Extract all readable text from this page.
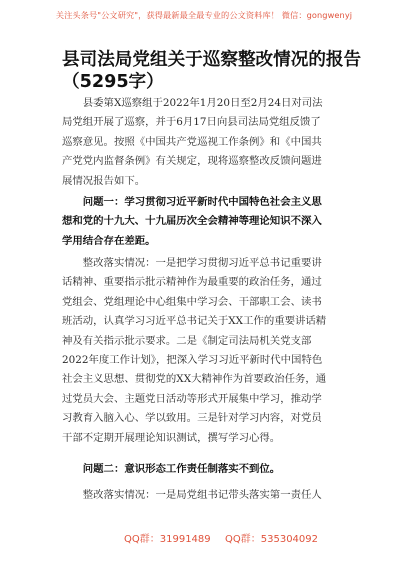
关注头条号"公文研究"，获得最新最全最专业的公文资料库！ 微信：gongwenyj
县司法局党组关于巡察整改情况的报告
（5295字）
　　县委第X巡察组于2022年1月20日至2月24日对司法
局党组开展了巡察，并于6月17日向县司法局党组反馈了
巡察意见。按照《中国共产党巡视工作条例》和《中国共
产党党内监督条例》有关规定，现将巡察整改反馈问题进
展情况报告如下。
　　问题一：学习贯彻习近平新时代中国特色社会主义思
想和党的十九大、十九届历次全会精神等理论知识不深入
学用结合存在差距。
　　整改落实情况：一是把学习贯彻习近平总书记重要讲
话精神、重要指示批示精神作为最重要的政治任务，通过
党组会、党组理论中心组集中学习会、干部职工会、读书
班活动，认真学习习近平总书记关于XX工作的重要讲话精
神及有关指示批示要求。二是《制定司法局机关党支部
2022年度工作计划》，把深入学习习近平新时代中国特色
社会主义思想、贯彻党的XX大精神作为首要政治任务，通
过党员大会、主题党日活动等形式开展集中学习，推动学
习教育入脑入心、学以致用。三是针对学习内容，对党员
干部不定期开展理论知识测试，撰写学习心得。
　　问题二：意识形态工作责任制落实不到位。
　　整改落实情况：一是局党组书记带头落实第一责任人
QQ群：31991489 QQ群：535304092
